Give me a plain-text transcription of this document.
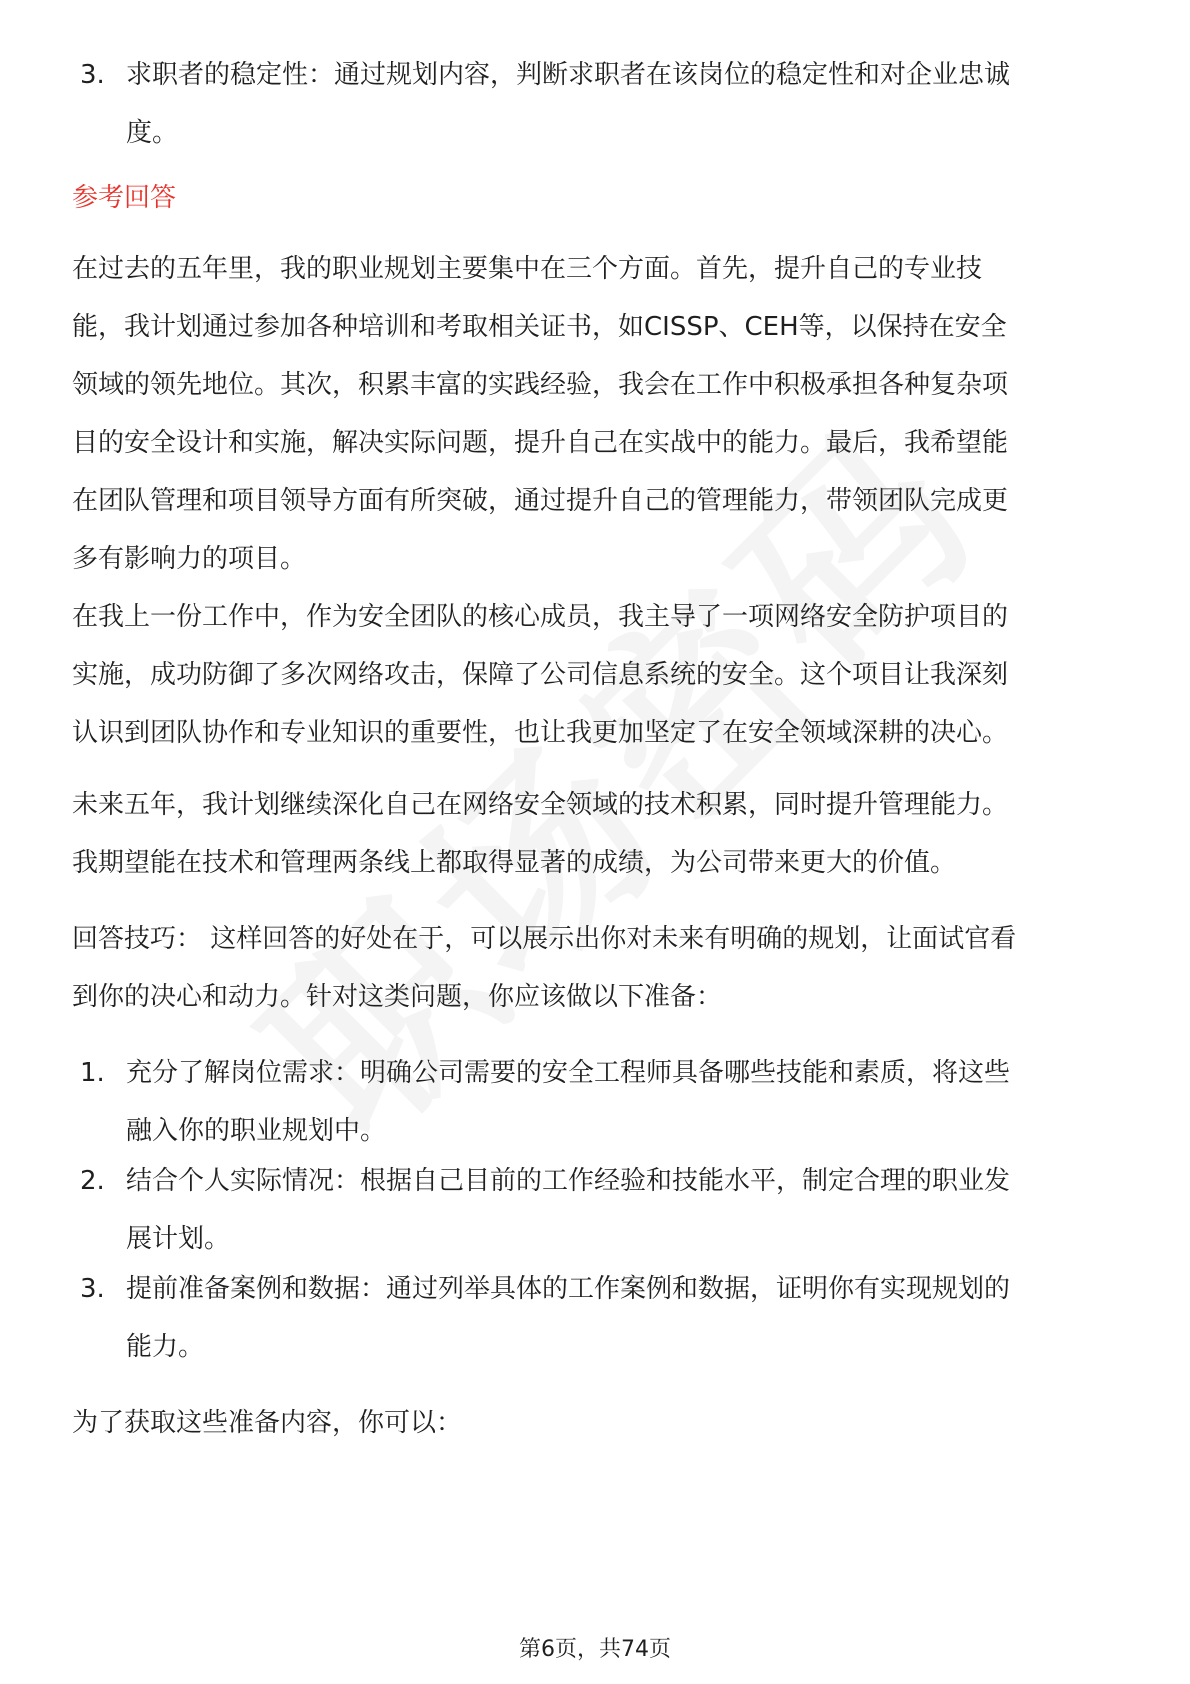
3. 求职者的稳定性：通过规划内容，判断求职者在该岗位的稳定性和对企业忠诚
度。
参考回答
在过去的五年里，我的职业规划主要集中在三个方面。首先，提升自己的专业技
能，我计划通过参加各种培训和考取相关证书，如CISSP、CEH等，以保持在安全
领域的领先地位。其次，积累丰富的实践经验，我会在工作中积极承担各种复杂项
目的安全设计和实施，解决实际问题，提升自己在实战中的能力。最后，我希望能
在团队管理和项目领导方面有所突破，通过提升自己的管理能力，带领团队完成更
多有影响力的项目。
在我上一份工作中，作为安全团队的核心成员，我主导了一项网络安全防护项目的
实施，成功防御了多次网络攻击，保障了公司信息系统的安全。这个项目让我深刻
认识到团队协作和专业知识的重要性，也让我更加坚定了在安全领域深耕的决心。
未来五年，我计划继续深化自己在网络安全领域的技术积累，同时提升管理能力。
我期望能在技术和管理两条线上都取得显著的成绩，为公司带来更大的价值。
回答技巧： 这样回答的好处在于，可以展示出你对未来有明确的规划，让面试官看
到你的决心和动力。针对这类问题，你应该做以下准备：
1. 充分了解岗位需求：明确公司需要的安全工程师具备哪些技能和素质，将这些
融入你的职业规划中。
2. 结合个人实际情况：根据自己目前的工作经验和技能水平，制定合理的职业发
展计划。
3. 提前准备案例和数据：通过列举具体的工作案例和数据，证明你有实现规划的
能力。
为了获取这些准备内容，你可以：
第6页，共74页
